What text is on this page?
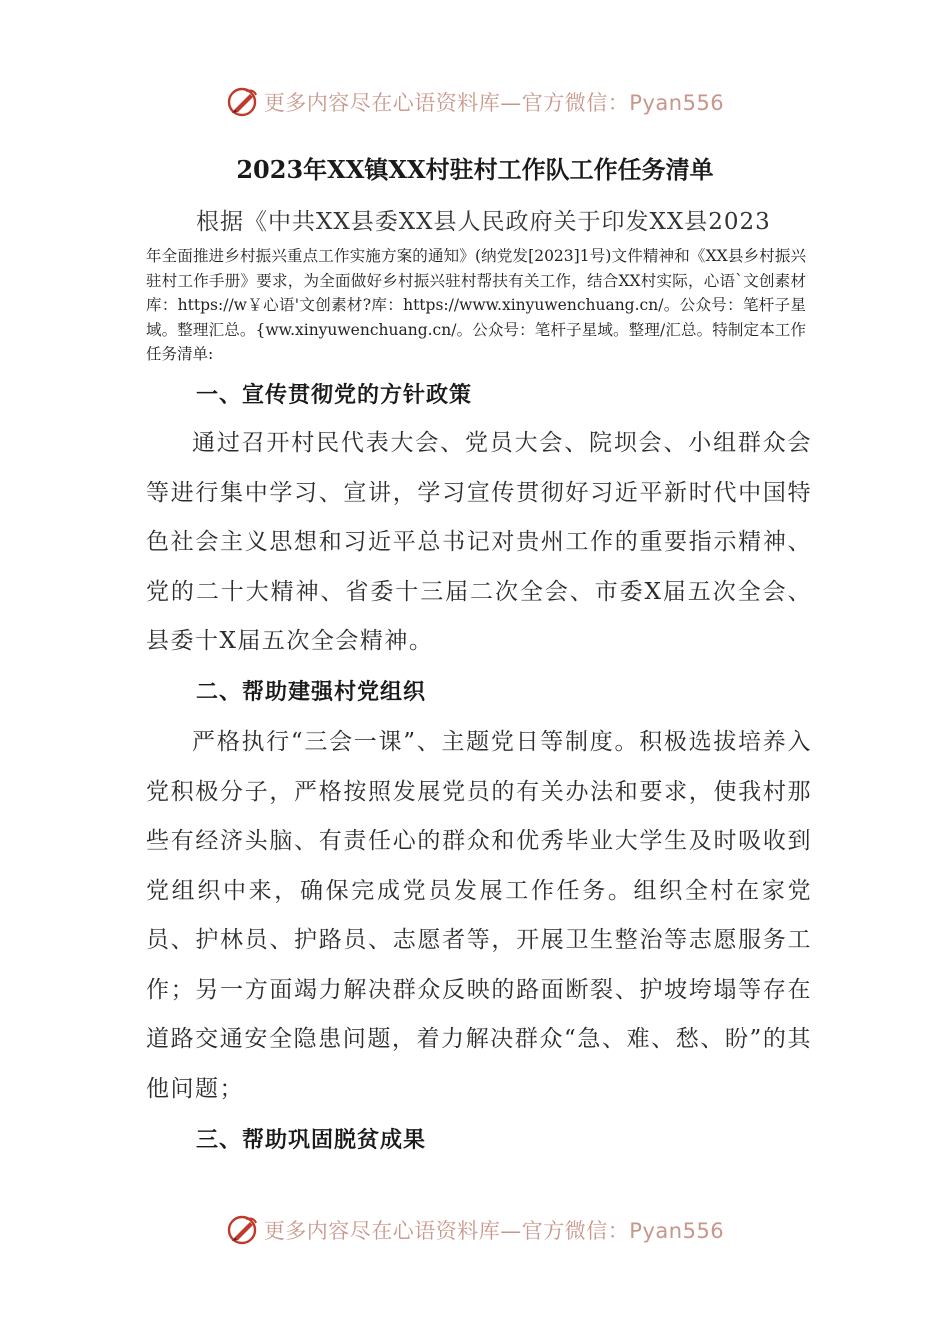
更多内容尽在心语资料库—官方微信：Pyan556
2023年XX镇XX村驻村工作队工作任务清单
根据《中共XX县委XX县人民政府关于印发XX县2023
年全面推进乡村振兴重点工作实施方案的通知》(纳党发[2023]1号)文件精神和《XX县乡村振兴驻村工作手册》要求，为全面做好乡村振兴驻村帮扶有关工作，结合XX村实际，心语`文创素材库：https://w￥心语'文创素材?库：https://www.xinyuwenchuang.cn/。公众号：笔杆子星域。整理汇总。{ww.xinyuwenchuang.cn/。公众号：笔杆子星域。整理/汇总。特制定本工作任务清单:
一、宣传贯彻党的方针政策
通过召开村民代表大会、党员大会、院坝会、小组群众会等进行集中学习、宣讲，学习宣传贯彻好习近平新时代中国特色社会主义思想和习近平总书记对贵州工作的重要指示精神、党的二十大精神、省委十三届二次全会、市委X届五次全会、县委十X届五次全会精神。
二、帮助建强村党组织
严格执行“三会一课”、主题党日等制度。积极选拔培养入党积极分子，严格按照发展党员的有关办法和要求，使我村那些有经济头脑、有责任心的群众和优秀毕业大学生及时吸收到党组织中来，确保完成党员发展工作任务。组织全村在家党员、护林员、护路员、志愿者等，开展卫生整治等志愿服务工作；另一方面竭力解决群众反映的路面断裂、护坡垮塌等存在道路交通安全隐患问题，着力解决群众“急、难、愁、盼”的其他问题；
三、帮助巩固脱贫成果
更多内容尽在心语资料库—官方微信：Pyan556
